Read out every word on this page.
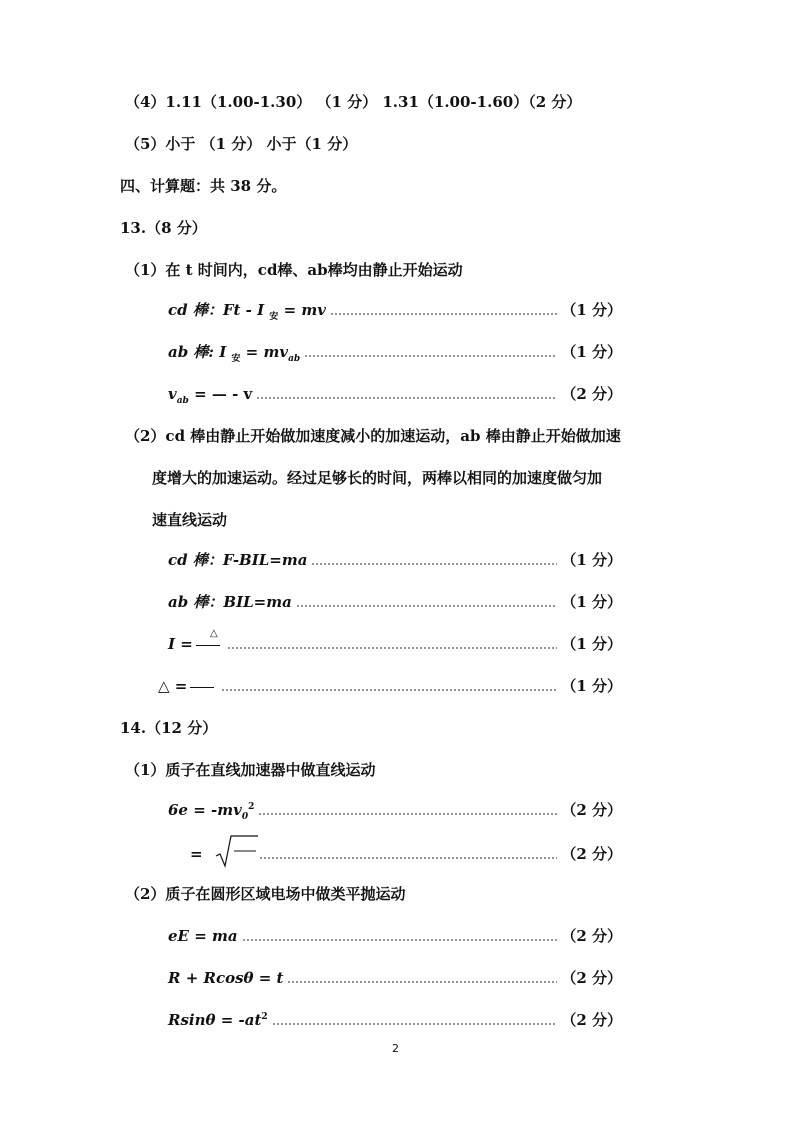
（4）1.11（1.00-1.30） （1 分） 1.31（1.00-1.60）（2 分）
（5）小于 （1 分） 小于（1 分）
四、计算题：共 38 分。
13.（8 分）
（1）在 t 时间内，cd棒、ab棒均由静止开始运动
cd 棒：Ft - I $_安$ = mv	（1 分）
ab 棒: I $_安 = mv_{ab}$	（1 分）
$v_{ab}$ = — - v	（2 分）
（2）cd 棒由静止开始做加速度减小的加速运动，ab 棒由静止开始做加速
度增大的加速运动。经过足够长的时间，两棒以相同的加速度做匀加
速直线运动
cd 棒：F-BIL=ma	（1 分）
ab 棒：BIL=ma	（1 分）
I =	（1 分）
△
△ =	（1 分）
14.（12 分）
（1）质子在直线加速器中做直线运动
$6e = -mv_0^2$	（2 分）
=	（2 分）
（2）质子在圆形区域电场中做类平抛运动
eE = ma	（2 分）
R + Rcosθ = t	（2 分）
$Rsin\theta = -at^2$	（2 分）
2
